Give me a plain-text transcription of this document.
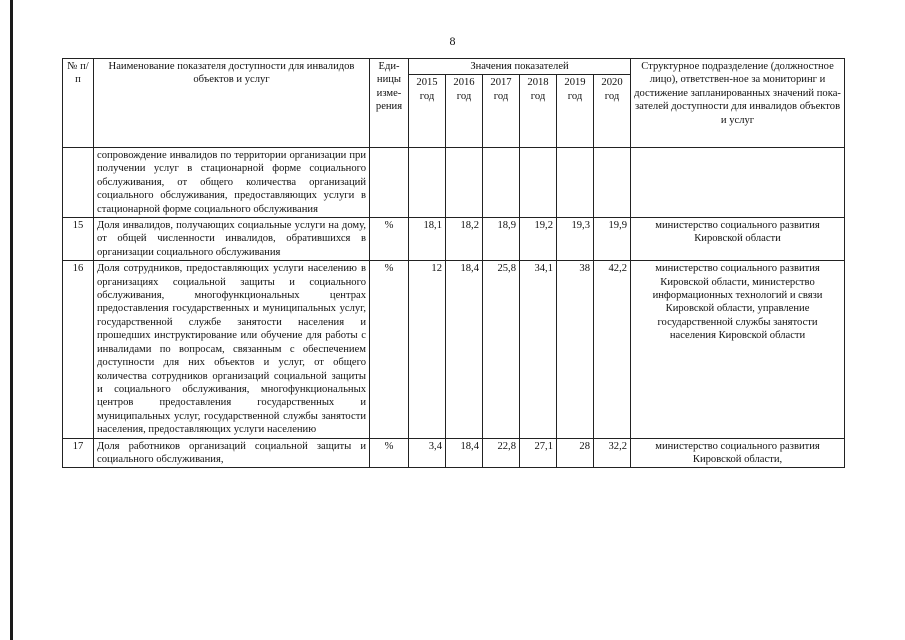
8
№ п/п	Наименование показателя доступности для инвалидов объектов и услуг	Еди-ницы изме-рения	Значения показателей						Структурное подразделение (должностное лицо), ответствен-ное за мониторинг и достижение запланированных значений пока-зателей доступности для инвалидов объектов и услуг
			2015 год	2016 год	2017 год	2018 год	2019 год	2020 год	
	сопровождение инвалидов по территории организации при получении услуг в стационарной форме социального обслуживания, от общего количества организаций социального обслуживания, предоставляющих услуги в стационарной форме социального обслуживания								
15	Доля инвалидов, получающих социальные услуги на дому, от общей численности инвалидов, обратившихся в организации социального обслуживания	%	18,1	18,2	18,9	19,2	19,3	19,9	министерство социального развития Кировской области
16	Доля сотрудников, предоставляющих услуги населению в организациях социальной защиты и социального обслуживания, многофункциональных центрах предоставления государственных и муниципальных услуг, государственной службе занятости населения и прошедших инструктирование или обучение для работы с инвалидами по вопросам, связанным с обеспечением доступности для них объектов и услуг, от общего количества сотрудников организаций социальной защиты и социального обслуживания, многофункциональных центров предоставления государственных и муниципальных услуг, государственной службы занятости населения, предоставляющих услуги населению	%	12	18,4	25,8	34,1	38	42,2	министерство социального развития Кировской области, министерство информационных технологий и связи Кировской области, управление государственной службы занятости населения Кировской области
17	Доля работников организаций социальной защиты и социального обслуживания,	%	3,4	18,4	22,8	27,1	28	32,2	министерство социального развития Кировской области,
